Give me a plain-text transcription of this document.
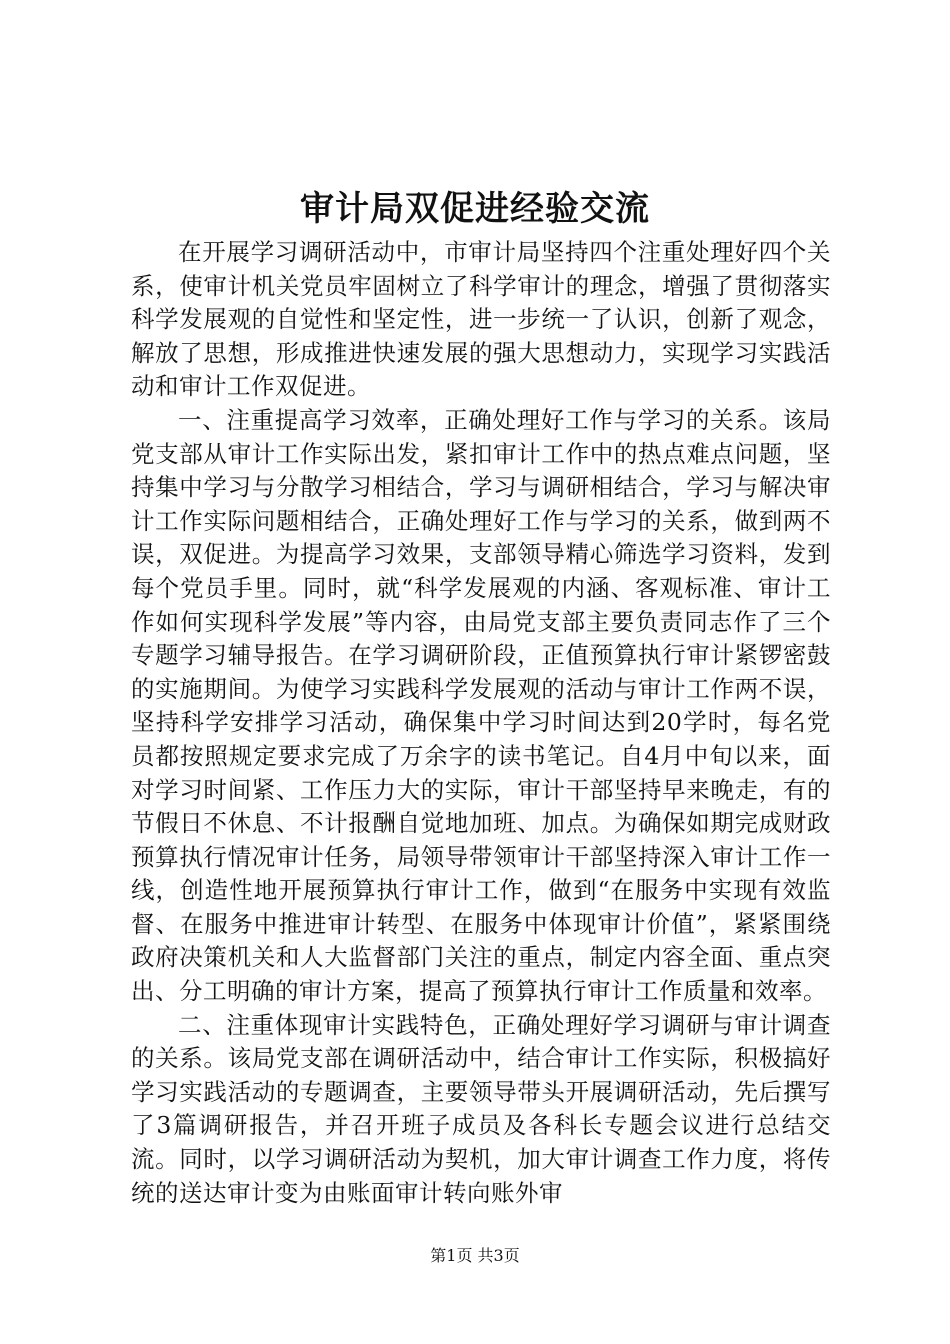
审计局双促进经验交流

在开展学习调研活动中，市审计局坚持四个注重处理好四个关系，使审计机关党员牢固树立了科学审计的理念，增强了贯彻落实科学发展观的自觉性和坚定性，进一步统一了认识，创新了观念，解放了思想，形成推进快速发展的强大思想动力，实现学习实践活动和审计工作双促进。

一、注重提高学习效率，正确处理好工作与学习的关系。该局党支部从审计工作实际出发，紧扣审计工作中的热点难点问题，坚持集中学习与分散学习相结合，学习与调研相结合，学习与解决审计工作实际问题相结合，正确处理好工作与学习的关系，做到两不误，双促进。为提高学习效果，支部领导精心筛选学习资料，发到每个党员手里。同时，就“科学发展观的内涵、客观标准、审计工作如何实现科学发展”等内容，由局党支部主要负责同志作了三个专题学习辅导报告。在学习调研阶段，正值预算执行审计紧锣密鼓的实施期间。为使学习实践科学发展观的活动与审计工作两不误，坚持科学安排学习活动，确保集中学习时间达到20学时，每名党员都按照规定要求完成了万余字的读书笔记。自4月中旬以来，面对学习时间紧、工作压力大的实际，审计干部坚持早来晚走，有的节假日不休息、不计报酬自觉地加班、加点。为确保如期完成财政预算执行情况审计任务，局领导带领审计干部坚持深入审计工作一线，创造性地开展预算执行审计工作，做到“在服务中实现有效监督、在服务中推进审计转型、在服务中体现审计价值”，紧紧围绕政府决策机关和人大监督部门关注的重点，制定内容全面、重点突出、分工明确的审计方案，提高了预算执行审计工作质量和效率。

二、注重体现审计实践特色，正确处理好学习调研与审计调查的关系。该局党支部在调研活动中，结合审计工作实际，积极搞好学习实践活动的专题调查，主要领导带头开展调研活动，先后撰写了3篇调研报告，并召开班子成员及各科长专题会议进行总结交流。同时，以学习调研活动为契机，加大审计调查工作力度，将传统的送达审计变为由账面审计转向账外审

第1页 共3页
